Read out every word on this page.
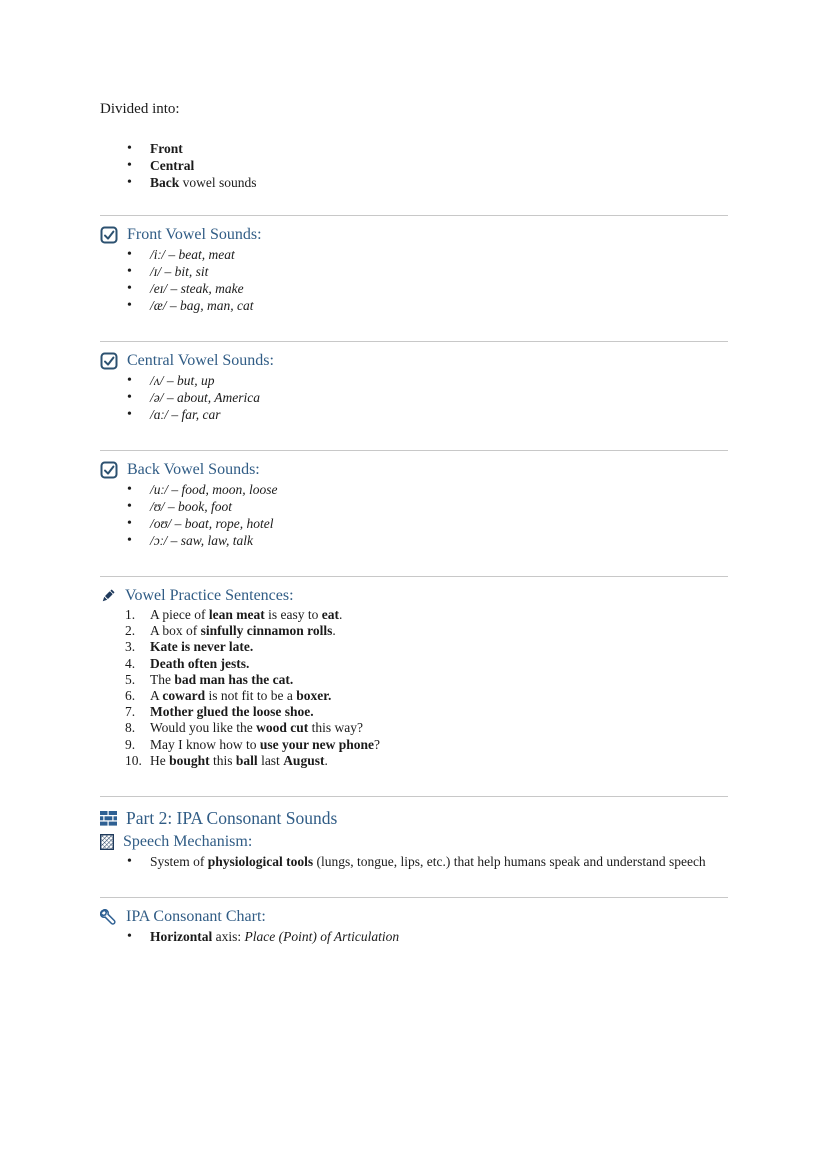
Divided into:

• Front
• Central
• Back vowel sounds
Front Vowel Sounds:
• /iː/ – beat, meat
• /ɪ/ – bit, sit
• /eɪ/ – steak, make
• /æ/ – bag, man, cat
Central Vowel Sounds:
• /ʌ/ – but, up
• /ə/ – about, America
• /ɑː/ – far, car
Back Vowel Sounds:
• /uː/ – food, moon, loose
• /ʊ/ – book, foot
• /oʊ/ – boat, rope, hotel
• /ɔː/ – saw, law, talk
Vowel Practice Sentences:
A piece of lean meat is easy to eat.
A box of sinfully cinnamon rolls.
Kate is never late.
Death often jests.
The bad man has the cat.
A coward is not fit to be a boxer.
Mother glued the loose shoe.
Would you like the wood cut this way?
May I know how to use your new phone?
He bought this ball last August.
Part 2: IPA Consonant Sounds
Speech Mechanism:
• System of physiological tools (lungs, tongue, lips, etc.) that help humans speak and understand speech
IPA Consonant Chart:
• Horizontal axis: Place (Point) of Articulation
